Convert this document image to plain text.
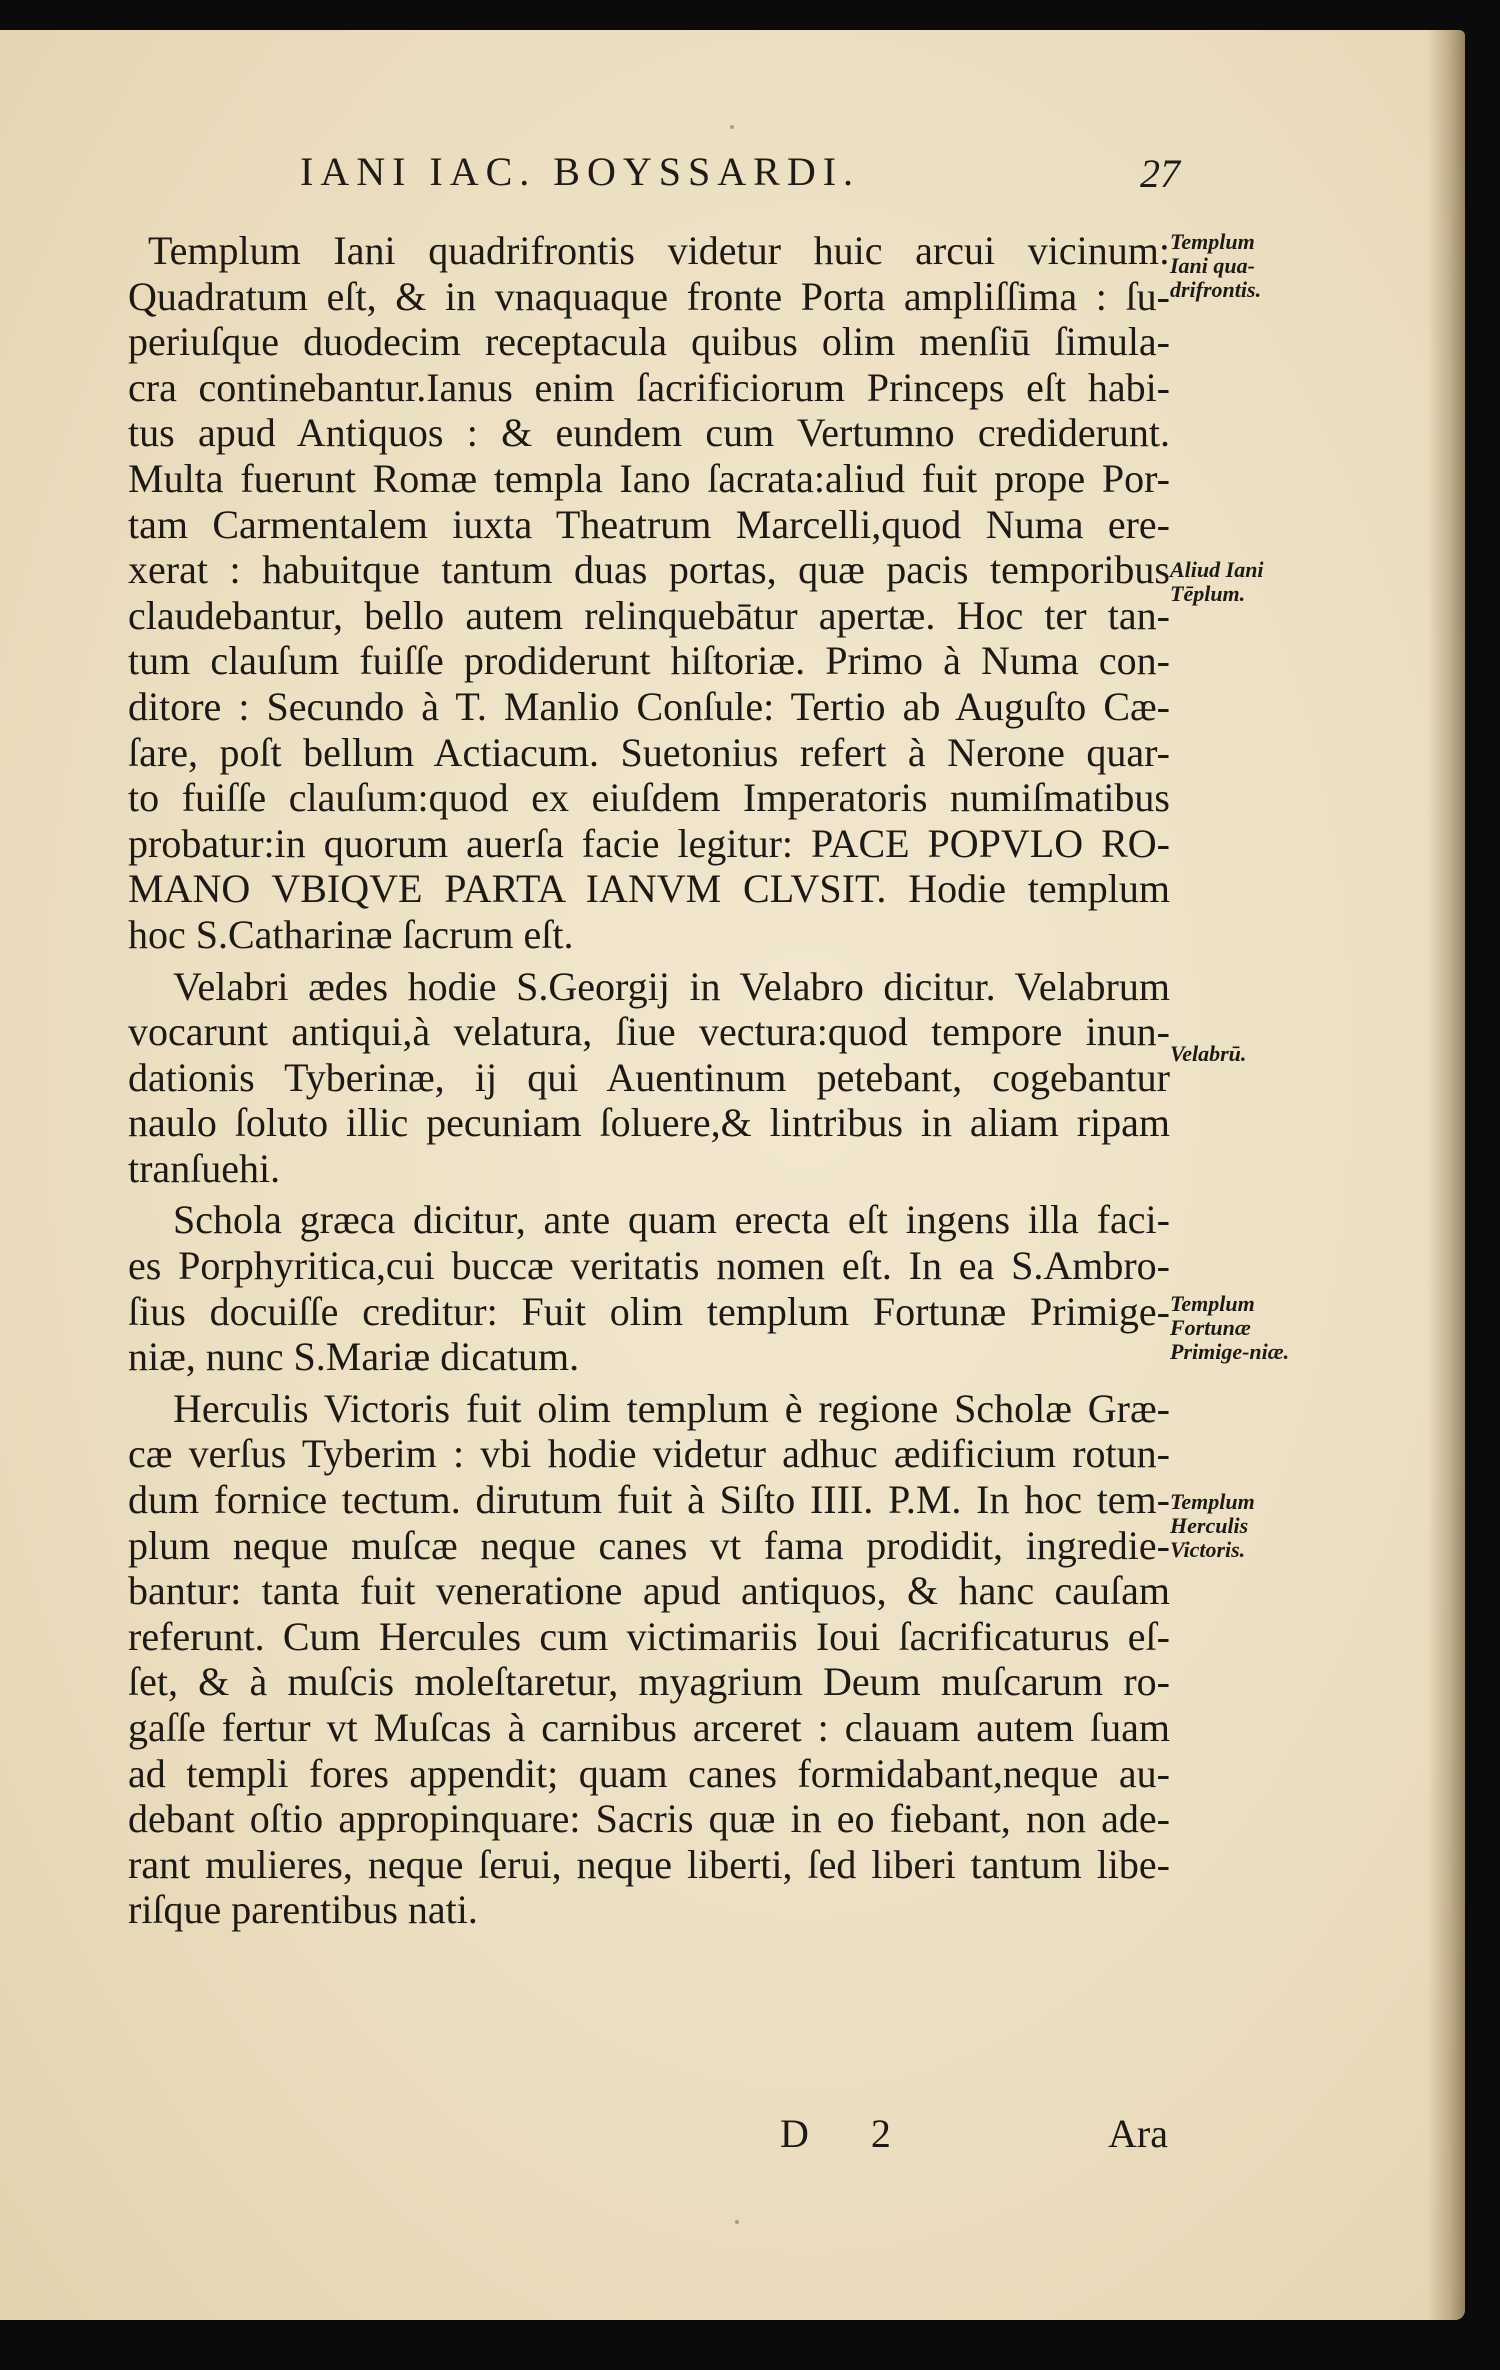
IANI IAC. BOYSSARDI.	27
Templum Iani quadrifrontis videtur huic arcui vicinum:
Quadratum eſt, & in vnaquaque fronte Porta ampliſſima : ſu-
periuſque duodecim receptacula quibus olim menſiū ſimula-
cra continebantur.Ianus enim ſacrificiorum Princeps eſt habi-
tus apud Antiquos : & eundem cum Vertumno crediderunt.
Multa fuerunt Romæ templa Iano ſacrata:aliud fuit prope Por-
tam Carmentalem iuxta Theatrum Marcelli,quod Numa ere-
xerat : habuitque tantum duas portas, quæ pacis temporibus
claudebantur, bello autem relinquebātur apertæ. Hoc ter tan-
tum clauſum fuiſſe prodiderunt hiſtoriæ. Primo à Numa con-
ditore : Secundo à T. Manlio Conſule: Tertio ab Auguſto Cæ-
ſare, poſt bellum Actiacum. Suetonius refert à Nerone quar-
to fuiſſe clauſum:quod ex eiuſdem Imperatoris numiſmatibus
probatur:in quorum auerſa facie legitur: PACE POPVLO RO-
MANO VBIQVE PARTA IANVM CLVSIT. Hodie templum
hoc S.Catharinæ ſacrum eſt.
Velabri ædes hodie S.Georgij in Velabro dicitur. Velabrum
vocarunt antiqui,à velatura, ſiue vectura:quod tempore inun-
dationis Tyberinæ, ij qui Auentinum petebant, cogebantur
naulo ſoluto illic pecuniam ſoluere,& lintribus in aliam ripam
tranſuehi.
Schola græca dicitur, ante quam erecta eſt ingens illa faci-
es Porphyritica,cui buccæ veritatis nomen eſt. In ea S.Ambro-
ſius docuiſſe creditur: Fuit olim templum Fortunæ Primige-
niæ, nunc S.Mariæ dicatum.
Herculis Victoris fuit olim templum è regione Scholæ Græ-
cæ verſus Tyberim : vbi hodie videtur adhuc ædificium rotun-
dum fornice tectum. dirutum fuit à Siſto IIII. P.M. In hoc tem-
plum neque muſcæ neque canes vt fama prodidit, ingredie-
bantur: tanta fuit veneratione apud antiquos, & hanc cauſam
referunt. Cum Hercules cum victimariis Ioui ſacrificaturus eſ-
ſet, & à muſcis moleſtaretur, myagrium Deum muſcarum ro-
gaſſe fertur vt Muſcas à carnibus arceret : clauam autem ſuam
ad templi fores appendit; quam canes formidabant,neque au-
debant oſtio appropinquare: Sacris quæ in eo fiebant, non ade-
rant mulieres, neque ſerui, neque liberti, ſed liberi tantum libe-
riſque parentibus nati.
Templum Iani qua-drifrontis.
Aliud Iani Tēplum.
Velabrū.
Templum Fortunæ Primige-niæ.
Templum Herculis Victoris.
D 2	Ara
